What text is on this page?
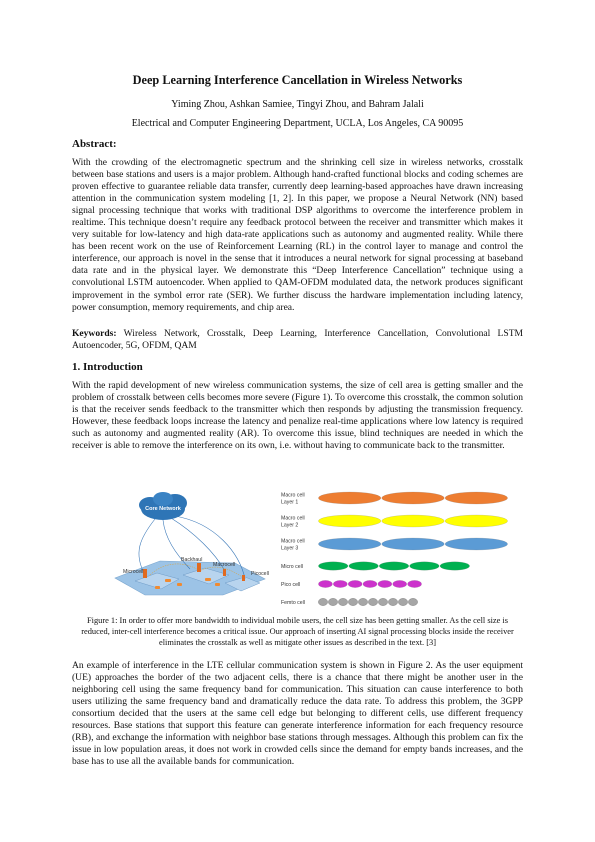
Deep Learning Interference Cancellation in Wireless Networks
Yiming Zhou, Ashkan Samiee, Tingyi Zhou, and Bahram Jalali
Electrical and Computer Engineering Department, UCLA, Los Angeles, CA 90095
Abstract:
With the crowding of the electromagnetic spectrum and the shrinking cell size in wireless networks, crosstalk between base stations and users is a major problem. Although hand-crafted functional blocks and coding schemes are proven effective to guarantee reliable data transfer, currently deep learning-based approaches have drawn increasing attention in the communication system modeling [1, 2]. In this paper, we propose a Neural Network (NN) based signal processing technique that works with traditional DSP algorithms to overcome the interference problem in realtime. This technique doesn’t require any feedback protocol between the receiver and transmitter which makes it very suitable for low-latency and high data-rate applications such as autonomy and augmented reality. While there has been recent work on the use of Reinforcement Learning (RL) in the control layer to manage and control the interference, our approach is novel in the sense that it introduces a neural network for signal processing at baseband data rate and in the physical layer. We demonstrate this “Deep Interference Cancellation” technique using a convolutional LSTM autoencoder. When applied to QAM-OFDM modulated data, the network produces significant improvement in the symbol error rate (SER). We further discuss the hardware implementation including latency, power consumption, memory requirements, and chip area.
Keywords: Wireless Network, Crosstalk, Deep Learning, Interference Cancellation, Convolutional LSTM Autoencoder, 5G, OFDM, QAM
1. Introduction
With the rapid development of new wireless communication systems, the size of cell area is getting smaller and the problem of crosstalk between cells becomes more severe (Figure 1). To overcome this crosstalk, the common solution is that the receiver sends feedback to the transmitter which then responds by adjusting the transmission frequency. However, these feedback loops increase the latency and penalize real-time applications where low latency is required such as autonomy and augmented reality (AR). To overcome this issue, blind techniques are needed in which the receiver is able to remove the interference on its own, i.e. without having to communicate back to the transmitter.
Core Network
Backhaul
Macrocell
Microcell	Picocell
Macro cell Layer 1
Macro cell Layer 2
Macro cell Layer 3
Micro cell
Pico cell
Femto cell
Figure 1: In order to offer more bandwidth to individual mobile users, the cell size has been getting smaller. As the cell size is reduced, inter-cell interference becomes a critical issue. Our approach of inserting AI signal processing blocks inside the receiver eliminates the crosstalk as well as mitigate other issues as described in the text. [3]
An example of interference in the LTE cellular communication system is shown in Figure 2. As the user equipment (UE) approaches the border of the two adjacent cells, there is a chance that there might be another user in the neighboring cell using the same frequency band for communication. This situation can cause interference to both users utilizing the same frequency band and dramatically reduce the data rate. To address this problem, the 3GPP consortium decided that the users at the same cell edge but belonging to different cells, use different frequency resources. Base stations that support this feature can generate interference information for each frequency resource (RB), and exchange the information with neighbor base stations through messages. Although this problem can fix the issue in low population areas, it does not work in crowded cells since the demand for empty bands increases, and the base has to use all the available bands for communication.
